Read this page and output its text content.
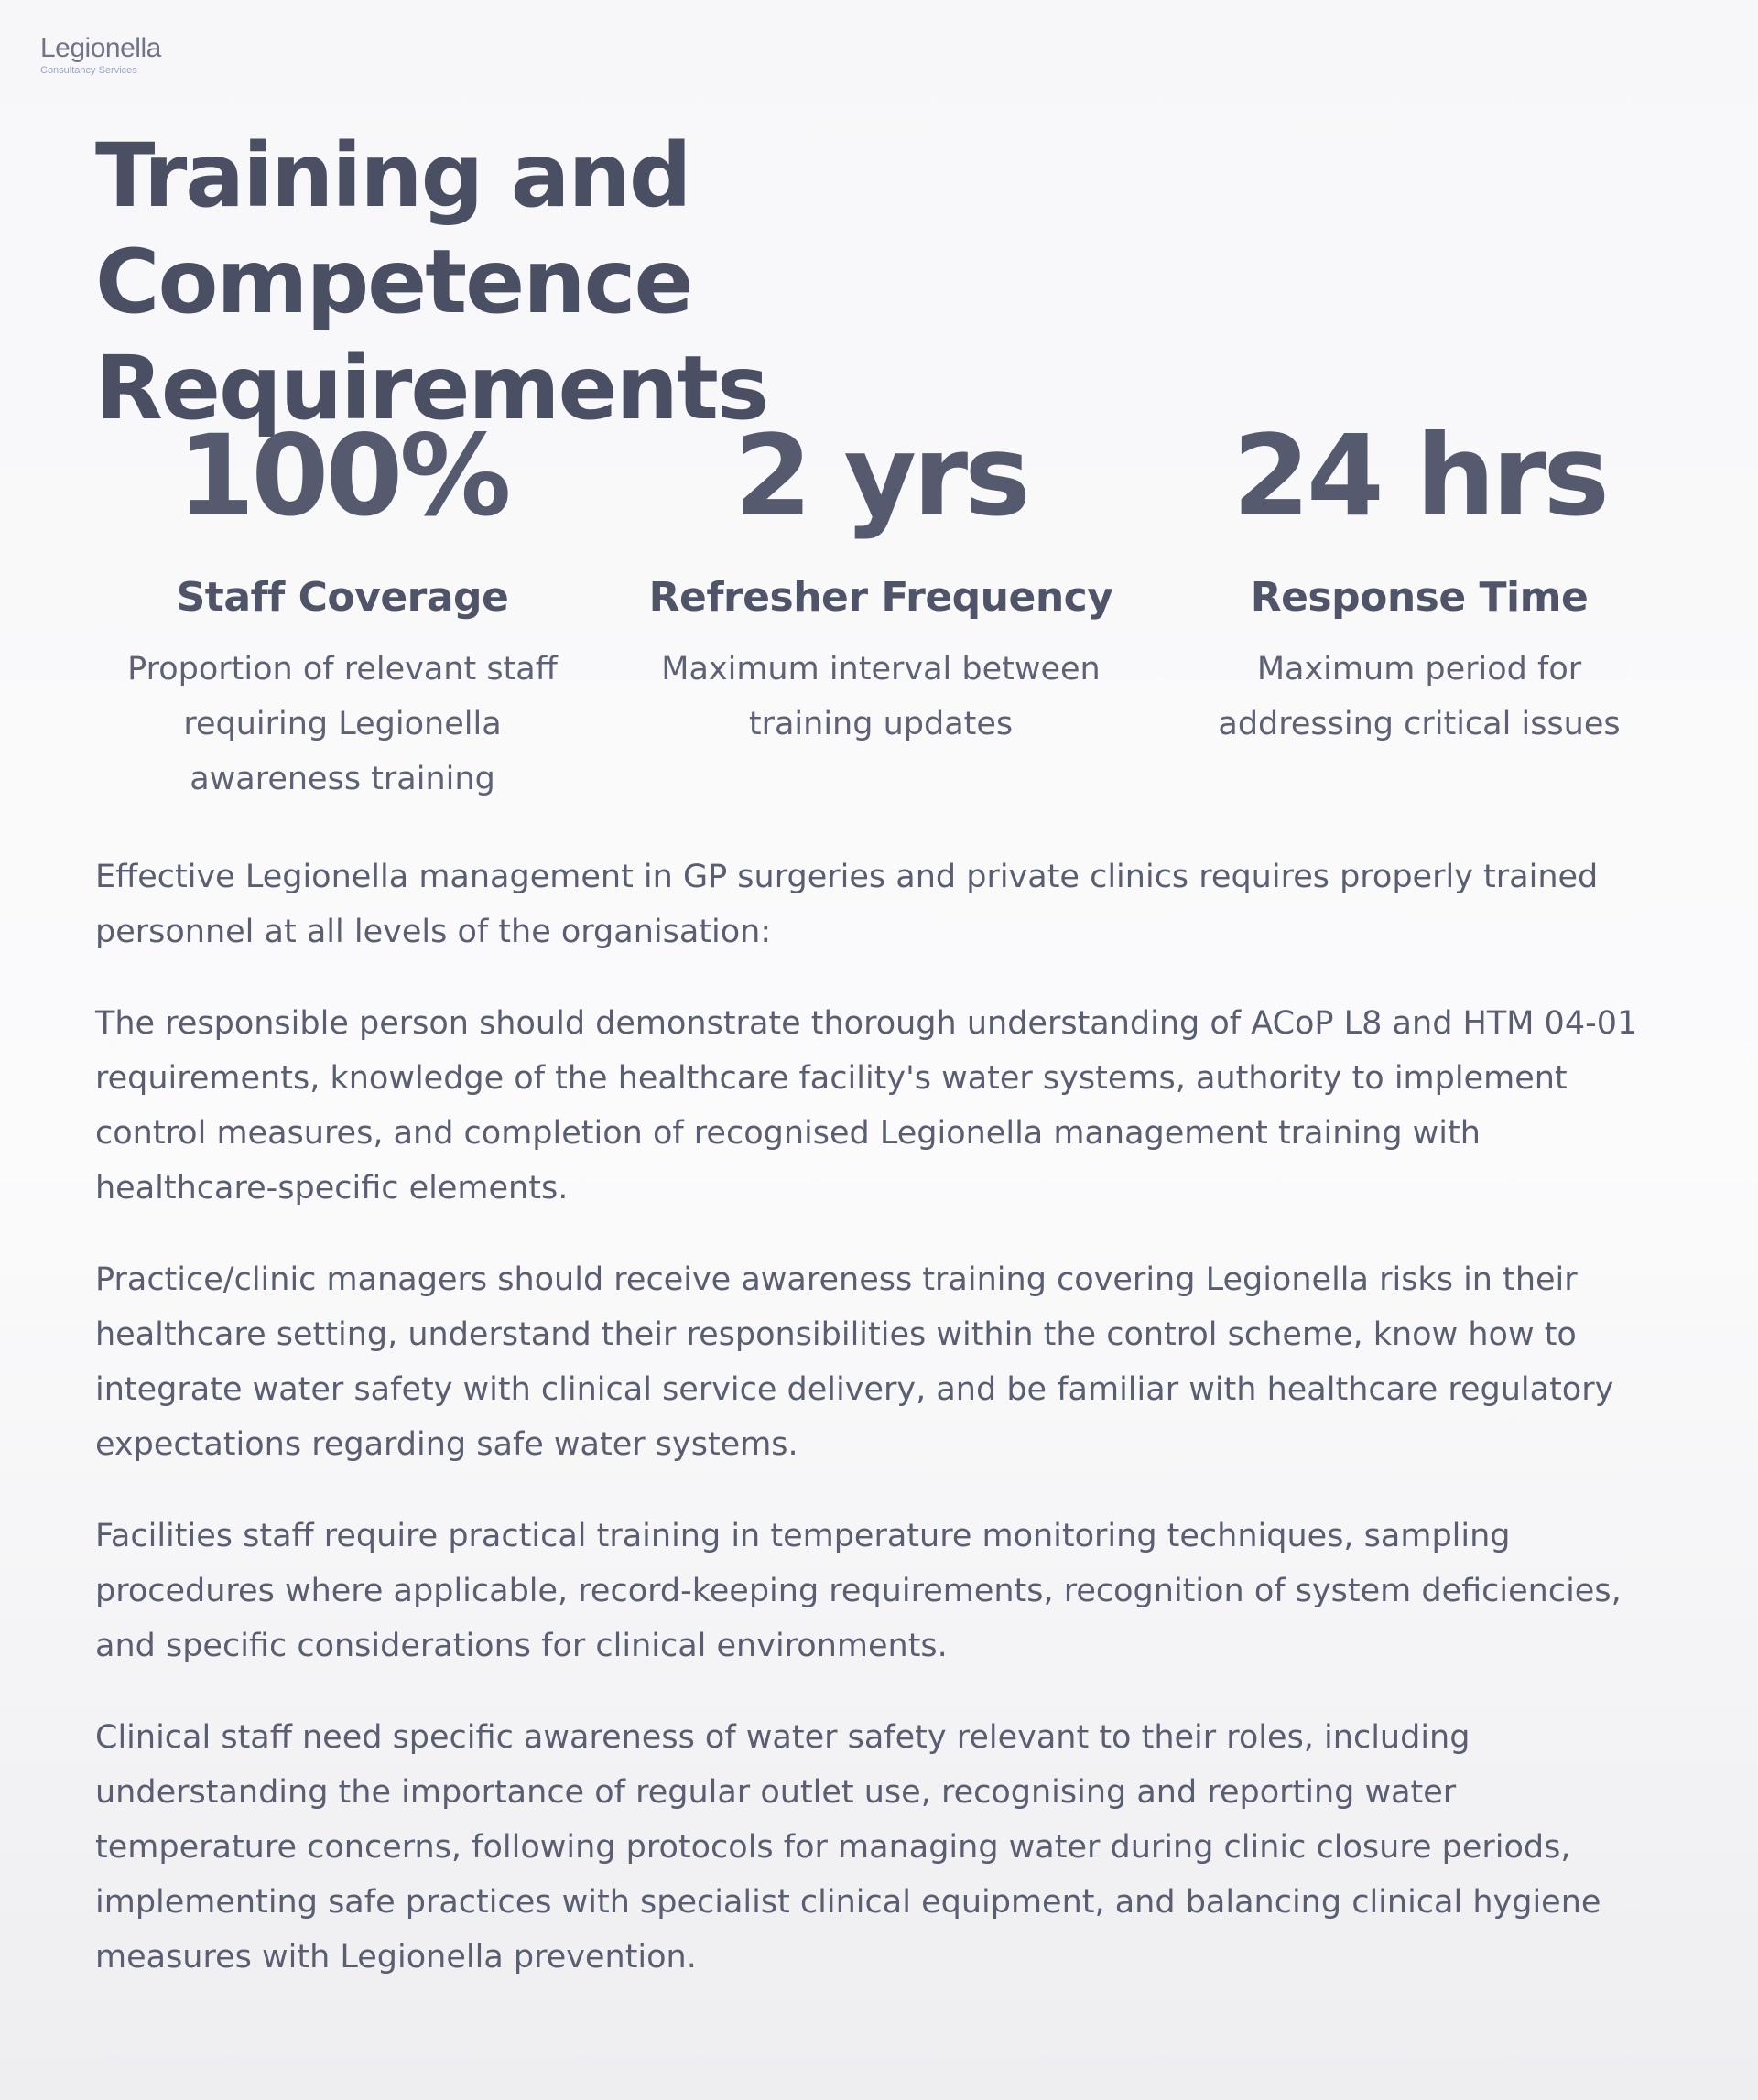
Legionella
Consultancy Services
Training and Competence Requirements
100%
Staff Coverage
Proportion of relevant staff requiring Legionella awareness training
2 yrs
Refresher Frequency
Maximum interval between training updates
24 hrs
Response Time
Maximum period for addressing critical issues

Effective Legionella management in GP surgeries and private clinics requires properly trained personnel at all levels of the organisation:

The responsible person should demonstrate thorough understanding of ACoP L8 and HTM 04-01 requirements, knowledge of the healthcare facility's water systems, authority to implement control measures, and completion of recognised Legionella management training with healthcare-specific elements.

Practice/clinic managers should receive awareness training covering Legionella risks in their healthcare setting, understand their responsibilities within the control scheme, know how to integrate water safety with clinical service delivery, and be familiar with healthcare regulatory expectations regarding safe water systems.

Facilities staff require practical training in temperature monitoring techniques, sampling procedures where applicable, record-keeping requirements, recognition of system deficiencies, and specific considerations for clinical environments.

Clinical staff need specific awareness of water safety relevant to their roles, including understanding the importance of regular outlet use, recognising and reporting water temperature concerns, following protocols for managing water during clinic closure periods, implementing safe practices with specialist clinical equipment, and balancing clinical hygiene measures with Legionella prevention.
